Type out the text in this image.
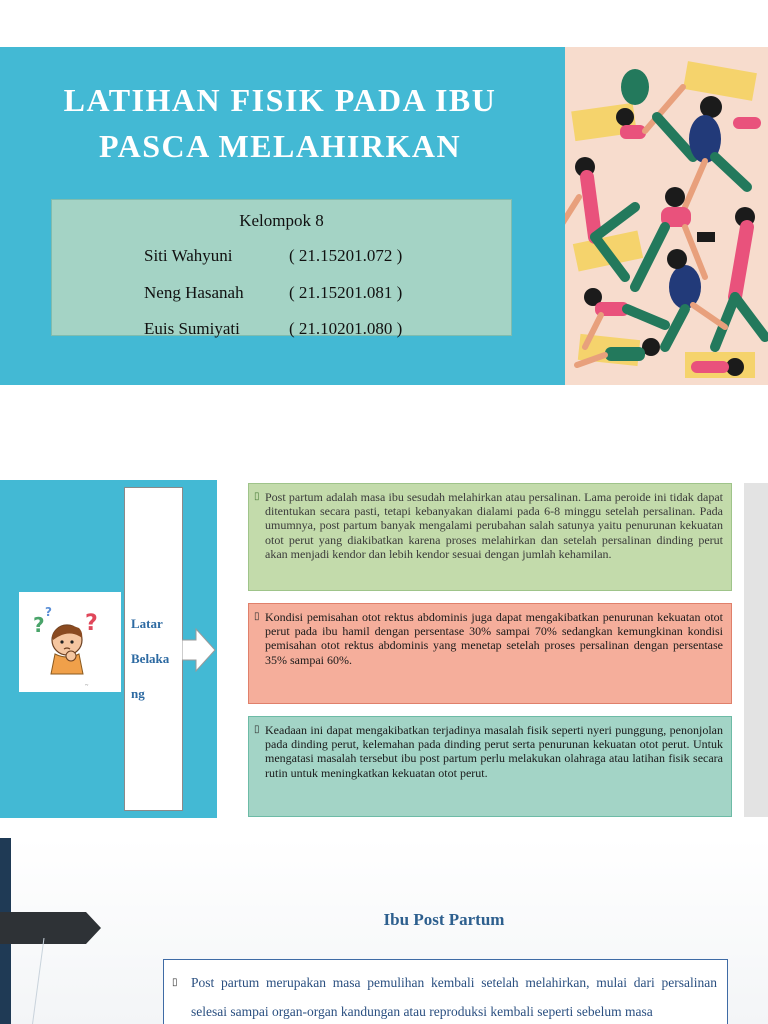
LATIHAN FISIK PADA IBU
PASCA MELAHIRKAN
Kelompok 8
Siti Wahyuni	( 21.15201.072 )
Neng Hasanah	( 21.15201.081 )
Euis Sumiyati	( 21.10201.080 )
?
? ?
~
Latar
Belaka
ng
▯ Post partum adalah masa ibu sesudah melahirkan atau persalinan. Lama peroide ini tidak dapat ditentukan secara pasti, tetapi kebanyakan dialami pada 6-8 minggu setelah persalinan. Pada umumnya, post partum banyak mengalami perubahan salah satunya yaitu penurunan kekuatan otot perut yang diakibatkan karena proses melahirkan dan setelah persalinan dinding perut akan menjadi kendor dan lebih kendor sesuai dengan jumlah kehamilan.
▯ Kondisi pemisahan otot rektus abdominis juga dapat mengakibatkan penurunan kekuatan otot perut pada ibu hamil dengan persentase 30% sampai 70% sedangkan kemungkinan kondisi pemisahan otot rektus abdominis yang menetap setelah proses persalinan dengan persentase 35% sampai 60%.
▯ Keadaan ini dapat mengakibatkan terjadinya masalah fisik seperti nyeri punggung, penonjolan pada dinding perut, kelemahan pada dinding perut serta penurunan kekuatan otot perut. Untuk mengatasi masalah tersebut ibu post partum perlu melakukan olahraga atau latihan fisik secara rutin untuk meningkatkan kekuatan otot perut.
Ibu Post Partum
▯ Post partum merupakan masa pemulihan kembali setelah melahirkan, mulai dari persalinan selesai sampai organ-organ kandungan atau reproduksi kembali seperti sebelum masa
